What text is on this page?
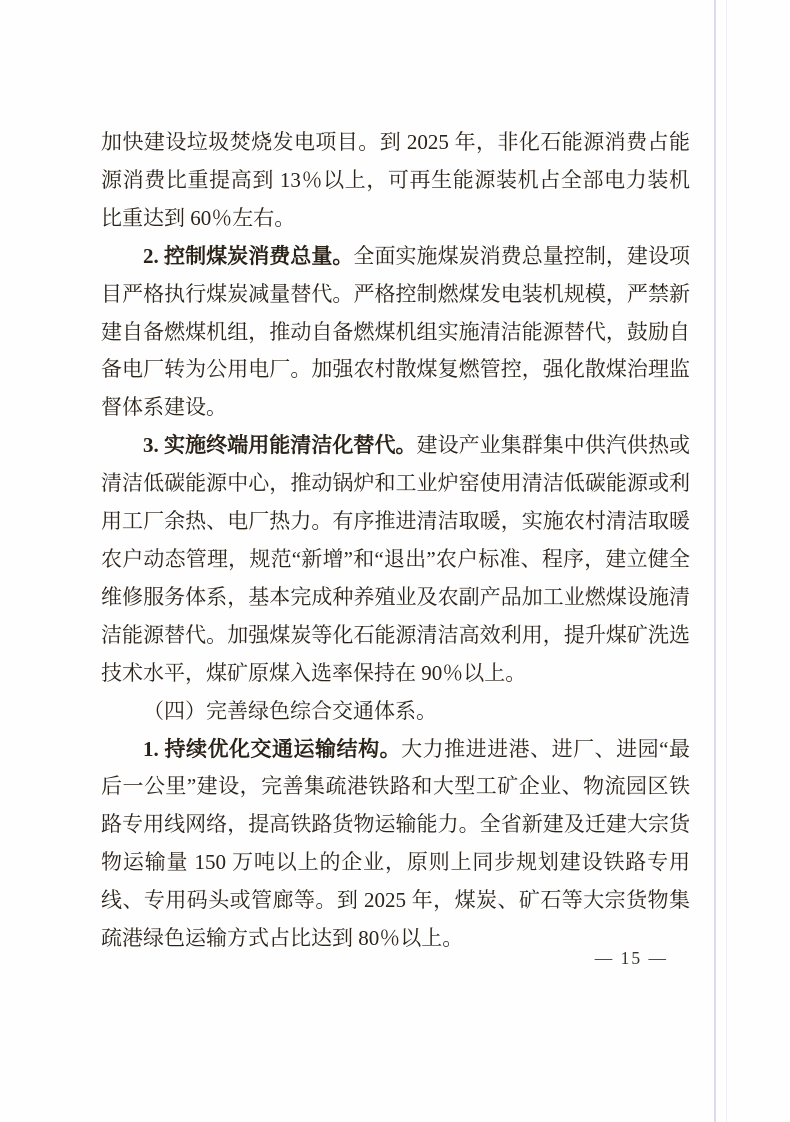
加快建设垃圾焚烧发电项目。到 2025 年，非化石能源消费占能源消费比重提高到 13％以上，可再生能源装机占全部电力装机比重达到 60％左右。

2. 控制煤炭消费总量。全面实施煤炭消费总量控制，建设项目严格执行煤炭减量替代。严格控制燃煤发电装机规模，严禁新建自备燃煤机组，推动自备燃煤机组实施清洁能源替代，鼓励自备电厂转为公用电厂。加强农村散煤复燃管控，强化散煤治理监督体系建设。

3. 实施终端用能清洁化替代。建设产业集群集中供汽供热或清洁低碳能源中心，推动锅炉和工业炉窑使用清洁低碳能源或利用工厂余热、电厂热力。有序推进清洁取暖，实施农村清洁取暖农户动态管理，规范“新增”和“退出”农户标准、程序，建立健全维修服务体系，基本完成种养殖业及农副产品加工业燃煤设施清洁能源替代。加强煤炭等化石能源清洁高效利用，提升煤矿洗选技术水平，煤矿原煤入选率保持在 90％以上。

（四）完善绿色综合交通体系。

1. 持续优化交通运输结构。大力推进进港、进厂、进园“最后一公里”建设，完善集疏港铁路和大型工矿企业、物流园区铁路专用线网络，提高铁路货物运输能力。全省新建及迁建大宗货物运输量 150 万吨以上的企业，原则上同步规划建设铁路专用线、专用码头或管廊等。到 2025 年，煤炭、矿石等大宗货物集疏港绿色运输方式占比达到 80％以上。

— 15 —
